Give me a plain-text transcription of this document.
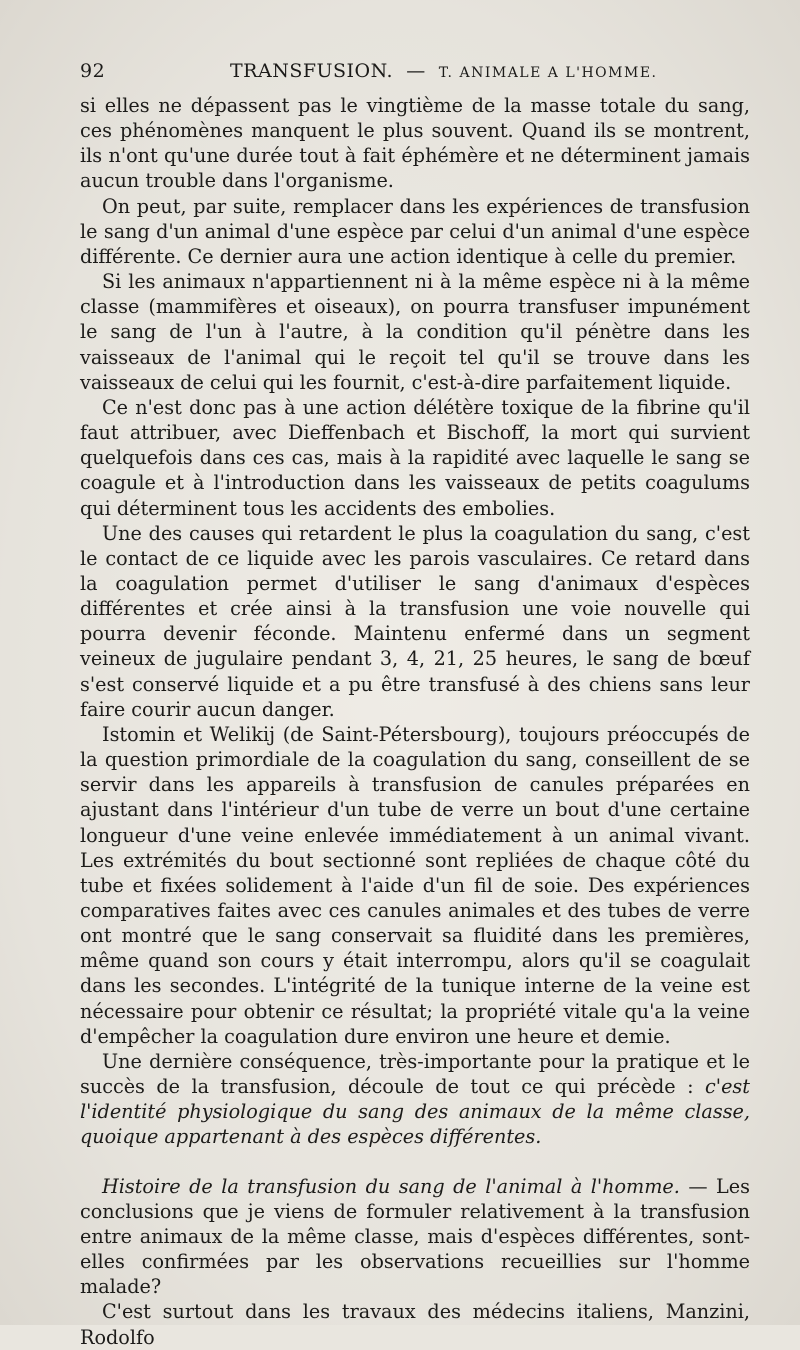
92	TRANSFUSION. — T. ANIMALE A L'HOMME.

si elles ne dépassent pas le vingtième de la masse totale du sang, ces phénomènes manquent le plus souvent. Quand ils se montrent, ils n'ont qu'une durée tout à fait éphémère et ne déterminent jamais aucun trouble dans l'organisme.

On peut, par suite, remplacer dans les expériences de transfusion le sang d'un animal d'une espèce par celui d'un animal d'une espèce différente. Ce dernier aura une action identique à celle du premier.

Si les animaux n'appartiennent ni à la même espèce ni à la même classe (mammifères et oiseaux), on pourra transfuser impunément le sang de l'un à l'autre, à la condition qu'il pénètre dans les vaisseaux de l'animal qui le reçoit tel qu'il se trouve dans les vaisseaux de celui qui les fournit, c'est-à-dire parfaitement liquide.

Ce n'est donc pas à une action délétère toxique de la fibrine qu'il faut attribuer, avec Dieffenbach et Bischoff, la mort qui survient quelquefois dans ces cas, mais à la rapidité avec laquelle le sang se coagule et à l'introduction dans les vaisseaux de petits coagulums qui déterminent tous les accidents des embolies.

Une des causes qui retardent le plus la coagulation du sang, c'est le contact de ce liquide avec les parois vasculaires. Ce retard dans la coagulation permet d'utiliser le sang d'animaux d'espèces différentes et crée ainsi à la transfusion une voie nouvelle qui pourra devenir féconde. Maintenu enfermé dans un segment veineux de jugulaire pendant 3, 4, 21, 25 heures, le sang de bœuf s'est conservé liquide et a pu être transfusé à des chiens sans leur faire courir aucun danger.

Istomin et Welikij (de Saint-Pétersbourg), toujours préoccupés de la question primordiale de la coagulation du sang, conseillent de se servir dans les appareils à transfusion de canules préparées en ajustant dans l'intérieur d'un tube de verre un bout d'une certaine longueur d'une veine enlevée immédiatement à un animal vivant. Les extrémités du bout sectionné sont repliées de chaque côté du tube et fixées solidement à l'aide d'un fil de soie. Des expériences comparatives faites avec ces canules animales et des tubes de verre ont montré que le sang conservait sa fluidité dans les premières, même quand son cours y était interrompu, alors qu'il se coagulait dans les secondes. L'intégrité de la tunique interne de la veine est nécessaire pour obtenir ce résultat; la propriété vitale qu'a la veine d'empêcher la coagulation dure environ une heure et demie.

Une dernière conséquence, très-importante pour la pratique et le succès de la transfusion, découle de tout ce qui précède : c'est l'identité physiologique du sang des animaux de la même classe, quoique appartenant à des espèces différentes.

Histoire de la transfusion du sang de l'animal à l'homme. — Les conclusions que je viens de formuler relativement à la transfusion entre animaux de la même classe, mais d'espèces différentes, sont-elles confirmées par les observations recueillies sur l'homme malade?

C'est surtout dans les travaux des médecins italiens, Manzini, Rodolfo
